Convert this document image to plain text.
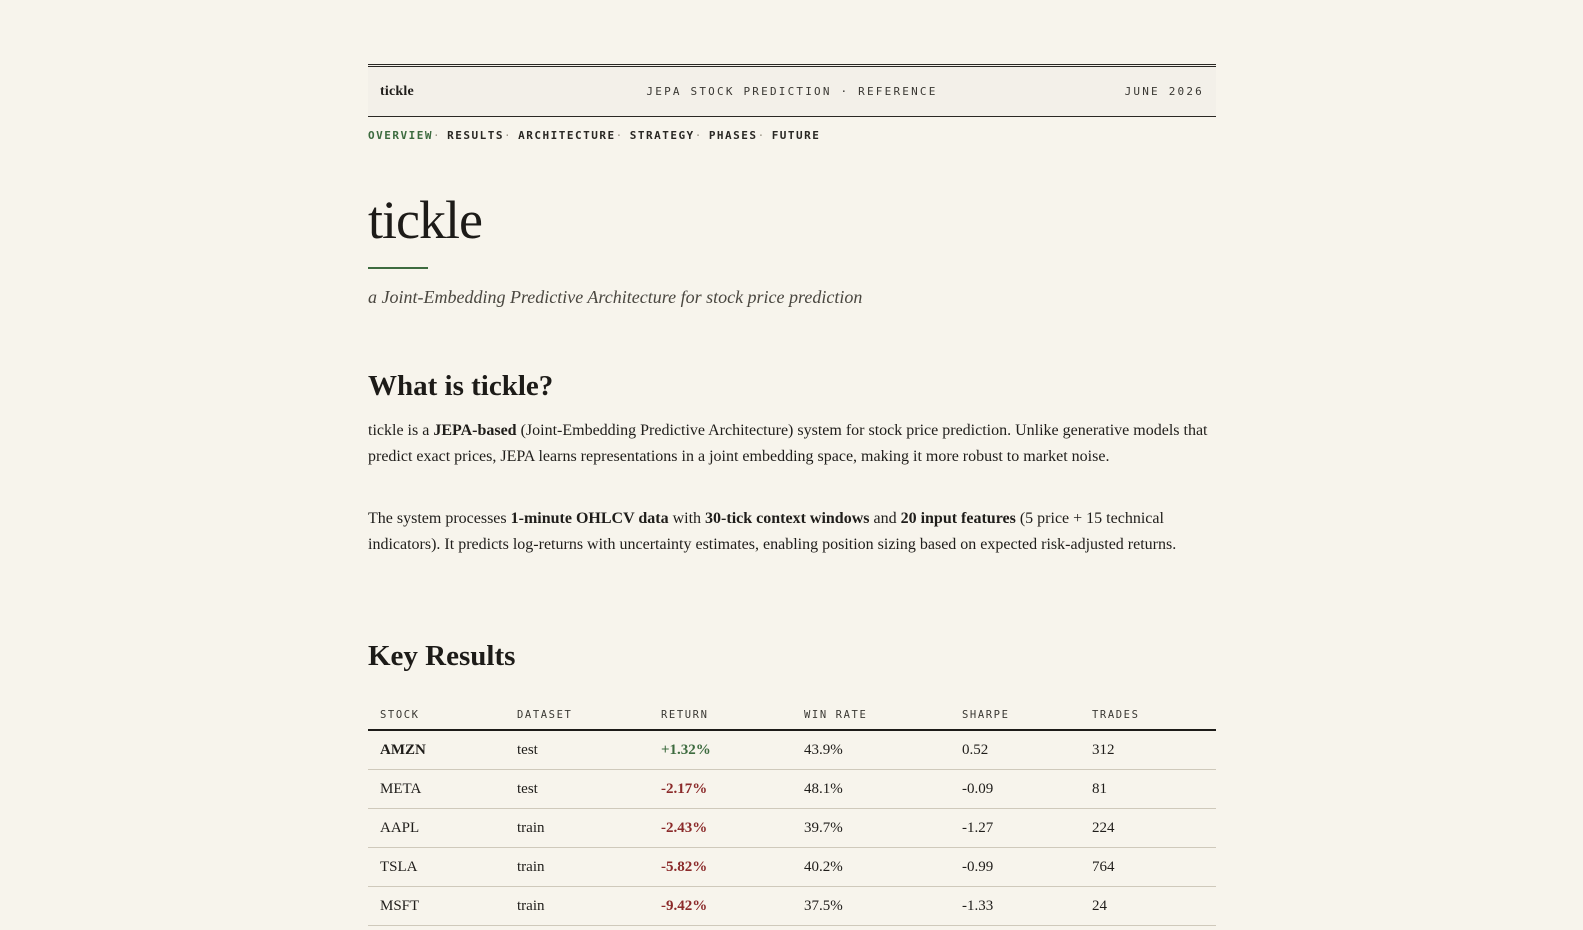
tickle	JEPA STOCK PREDICTION · REFERENCE	JUNE 2026
OVERVIEW · RESULTS · ARCHITECTURE · STRATEGY · PHASES · FUTURE
tickle

a Joint-Embedding Predictive Architecture for stock price prediction

What is tickle?

tickle is a JEPA-based (Joint-Embedding Predictive Architecture) system for stock price prediction. Unlike generative models that predict exact prices, JEPA learns representations in a joint embedding space, making it more robust to market noise.

The system processes 1-minute OHLCV data with 30-tick context windows and 20 input features (5 price + 15 technical indicators). It predicts log-returns with uncertainty estimates, enabling position sizing based on expected risk-adjusted returns.

Key Results
STOCK	DATASET	RETURN	WIN RATE	SHARPE	TRADES
AMZN	test	+1.32%	43.9%	0.52	312
META	test	-2.17%	48.1%	-0.09	81
AAPL	train	-2.43%	39.7%	-1.27	224
TSLA	train	-5.82%	40.2%	-0.99	764
MSFT	train	-9.42%	37.5%	-1.33	24
